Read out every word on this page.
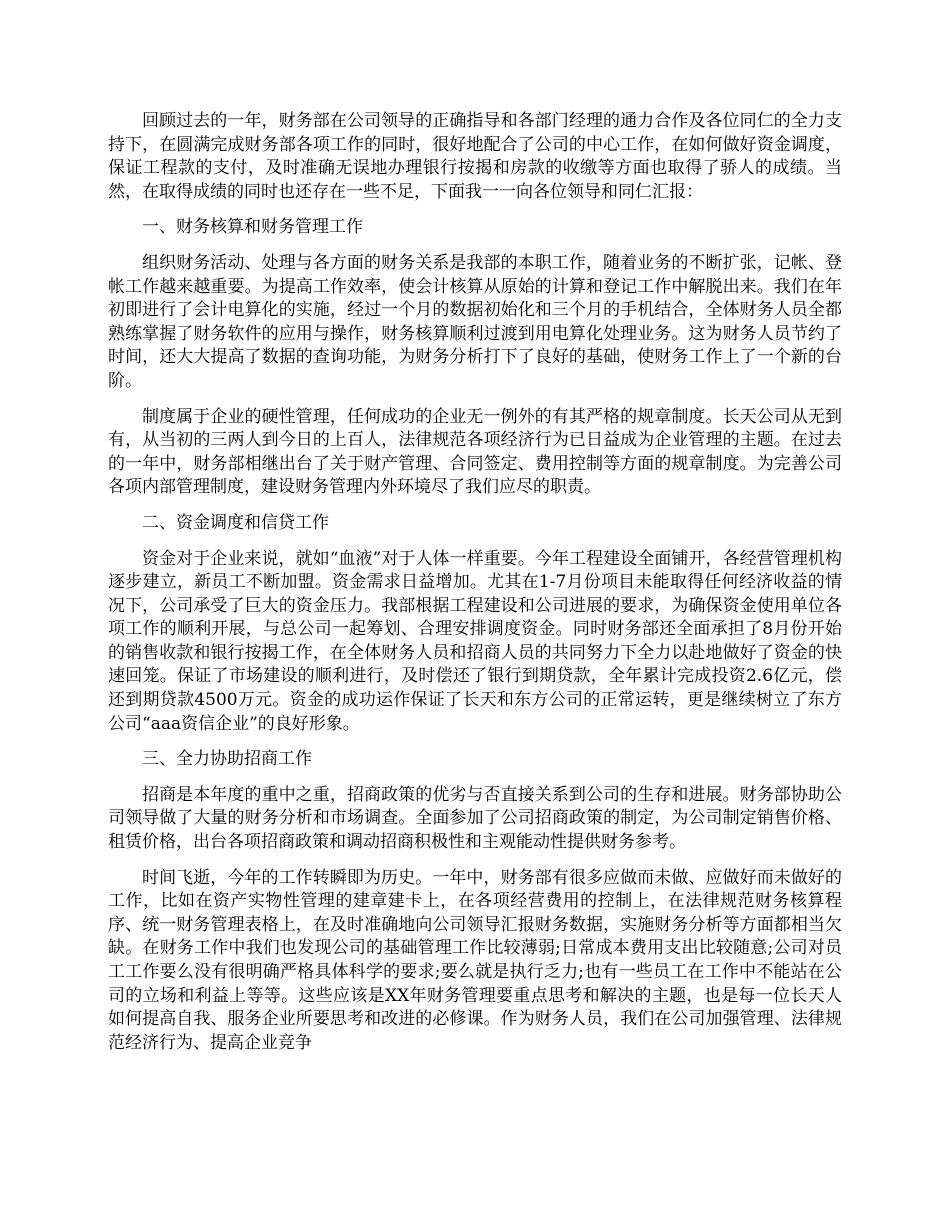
回顾过去的一年，财务部在公司领导的正确指导和各部门经理的通力合作及各位同仁的全力支持下，在圆满完成财务部各项工作的同时，很好地配合了公司的中心工作，在如何做好资金调度，保证工程款的支付，及时准确无误地办理银行按揭和房款的收缴等方面也取得了骄人的成绩。当然，在取得成绩的同时也还存在一些不足，下面我一一向各位领导和同仁汇报：

一、财务核算和财务管理工作

组织财务活动、处理与各方面的财务关系是我部的本职工作，随着业务的不断扩张，记帐、登帐工作越来越重要。为提高工作效率，使会计核算从原始的计算和登记工作中解脱出来。我们在年初即进行了会计电算化的实施，经过一个月的数据初始化和三个月的手机结合，全体财务人员全都熟练掌握了财务软件的应用与操作，财务核算顺利过渡到用电算化处理业务。这为财务人员节约了时间，还大大提高了数据的查询功能，为财务分析打下了良好的基础，使财务工作上了一个新的台阶。

制度属于企业的硬性管理，任何成功的企业无一例外的有其严格的规章制度。长天公司从无到有，从当初的三两人到今日的上百人，法律规范各项经济行为已日益成为企业管理的主题。在过去的一年中，财务部相继出台了关于财产管理、合同签定、费用控制等方面的规章制度。为完善公司各项内部管理制度，建设财务管理内外环境尽了我们应尽的职责。

二、资金调度和信贷工作

资金对于企业来说，就如“血液”对于人体一样重要。今年工程建设全面铺开，各经营管理机构逐步建立，新员工不断加盟。资金需求日益增加。尤其在1-7月份项目未能取得任何经济收益的情况下，公司承受了巨大的资金压力。我部根据工程建设和公司进展的要求，为确保资金使用单位各项工作的顺利开展，与总公司一起筹划、合理安排调度资金。同时财务部还全面承担了8月份开始的销售收款和银行按揭工作，在全体财务人员和招商人员的共同努力下全力以赴地做好了资金的快速回笼。保证了市场建设的顺利进行，及时偿还了银行到期贷款，全年累计完成投资2.6亿元，偿还到期贷款4500万元。资金的成功运作保证了长天和东方公司的正常运转，更是继续树立了东方公司“aaa资信企业”的良好形象。

三、全力协助招商工作

招商是本年度的重中之重，招商政策的优劣与否直接关系到公司的生存和进展。财务部协助公司领导做了大量的财务分析和市场调查。全面参加了公司招商政策的制定，为公司制定销售价格、租赁价格，出台各项招商政策和调动招商积极性和主观能动性提供财务参考。

时间飞逝，今年的工作转瞬即为历史。一年中，财务部有很多应做而未做、应做好而未做好的工作，比如在资产实物性管理的建章建卡上，在各项经营费用的控制上，在法律规范财务核算程序、统一财务管理表格上，在及时准确地向公司领导汇报财务数据，实施财务分析等方面都相当欠缺。在财务工作中我们也发现公司的基础管理工作比较薄弱;日常成本费用支出比较随意;公司对员工工作要么没有很明确严格具体科学的要求;要么就是执行乏力;也有一些员工在工作中不能站在公司的立场和利益上等等。这些应该是XX年财务管理要重点思考和解决的主题，也是每一位长天人如何提高自我、服务企业所要思考和改进的必修课。作为财务人员，我们在公司加强管理、法律规范经济行为、提高企业竞争
